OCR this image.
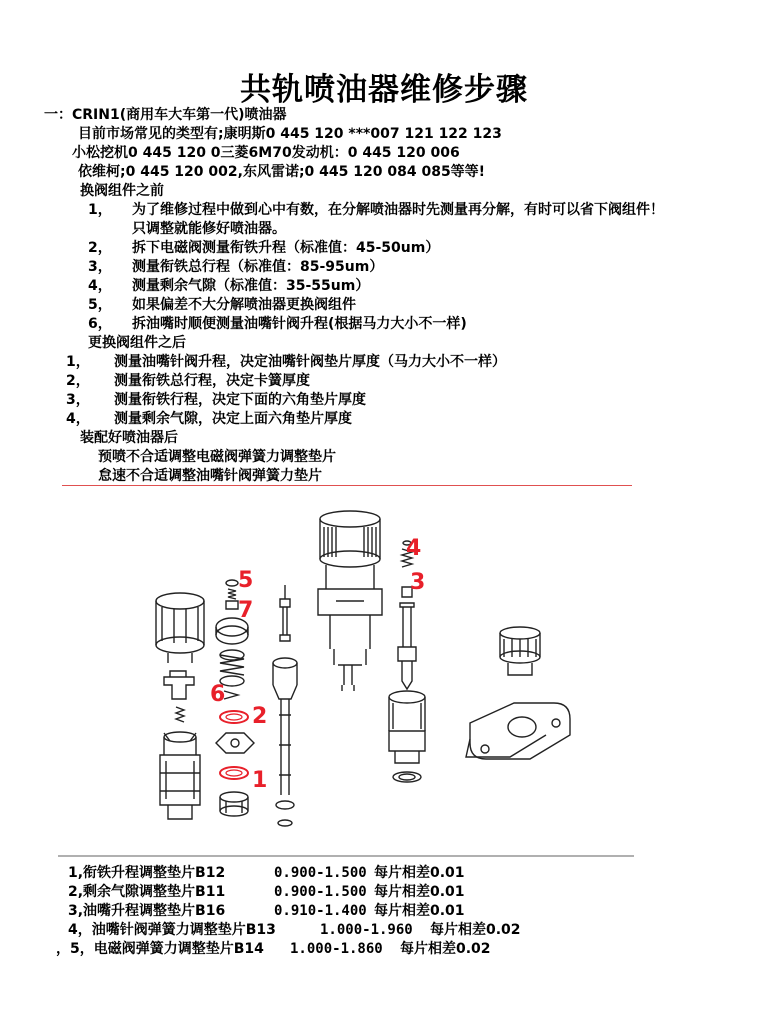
共轨喷油器维修步骤
一：CRIN1(商用车大车第一代)喷油器
目前市场常见的类型有;康明斯0 445 120 ***007 121 122 123
小松挖机0 445 120 0三菱6M70发动机：0 445 120 006
依维柯;0 445 120 002,东风雷诺;0 445 120 084 085等等!
换阀组件之前
1， 为了维修过程中做到心中有数，在分解喷油器时先测量再分解，有时可以省下阀组件！
只调整就能修好喷油器。
2， 拆下电磁阀测量衔铁升程（标准值：45-50um）
3， 测量衔铁总行程（标准值：85-95um）
4， 测量剩余气隙（标准值：35-55um）
5， 如果偏差不大分解喷油器更换阀组件
6， 拆油嘴时顺便测量油嘴针阀升程(根据马力大小不一样)
更换阀组件之后
1， 测量油嘴针阀升程，决定油嘴针阀垫片厚度（马力大小不一样）
2， 测量衔铁总行程，决定卡簧厚度
3， 测量衔铁行程，决定下面的六角垫片厚度
4， 测量剩余气隙，决定上面六角垫片厚度
装配好喷油器后
预喷不合适调整电磁阀弹簧力调整垫片
怠速不合适调整油嘴针阀弹簧力垫片
5
7
6
2
1
4
3
1,衔铁升程调整垫片B12	0.900-1.500 每片相差0.01
2,剩余气隙调整垫片B11	0.900-1.500 每片相差0.01
3,油嘴升程调整垫片B16	0.910-1.400 每片相差0.01
4，油嘴针阀弹簧力调整垫片B13	1.000-1.960 每片相差0.02
，5，电磁阀弹簧力调整垫片B14 1.000-1.860 每片相差0.02
